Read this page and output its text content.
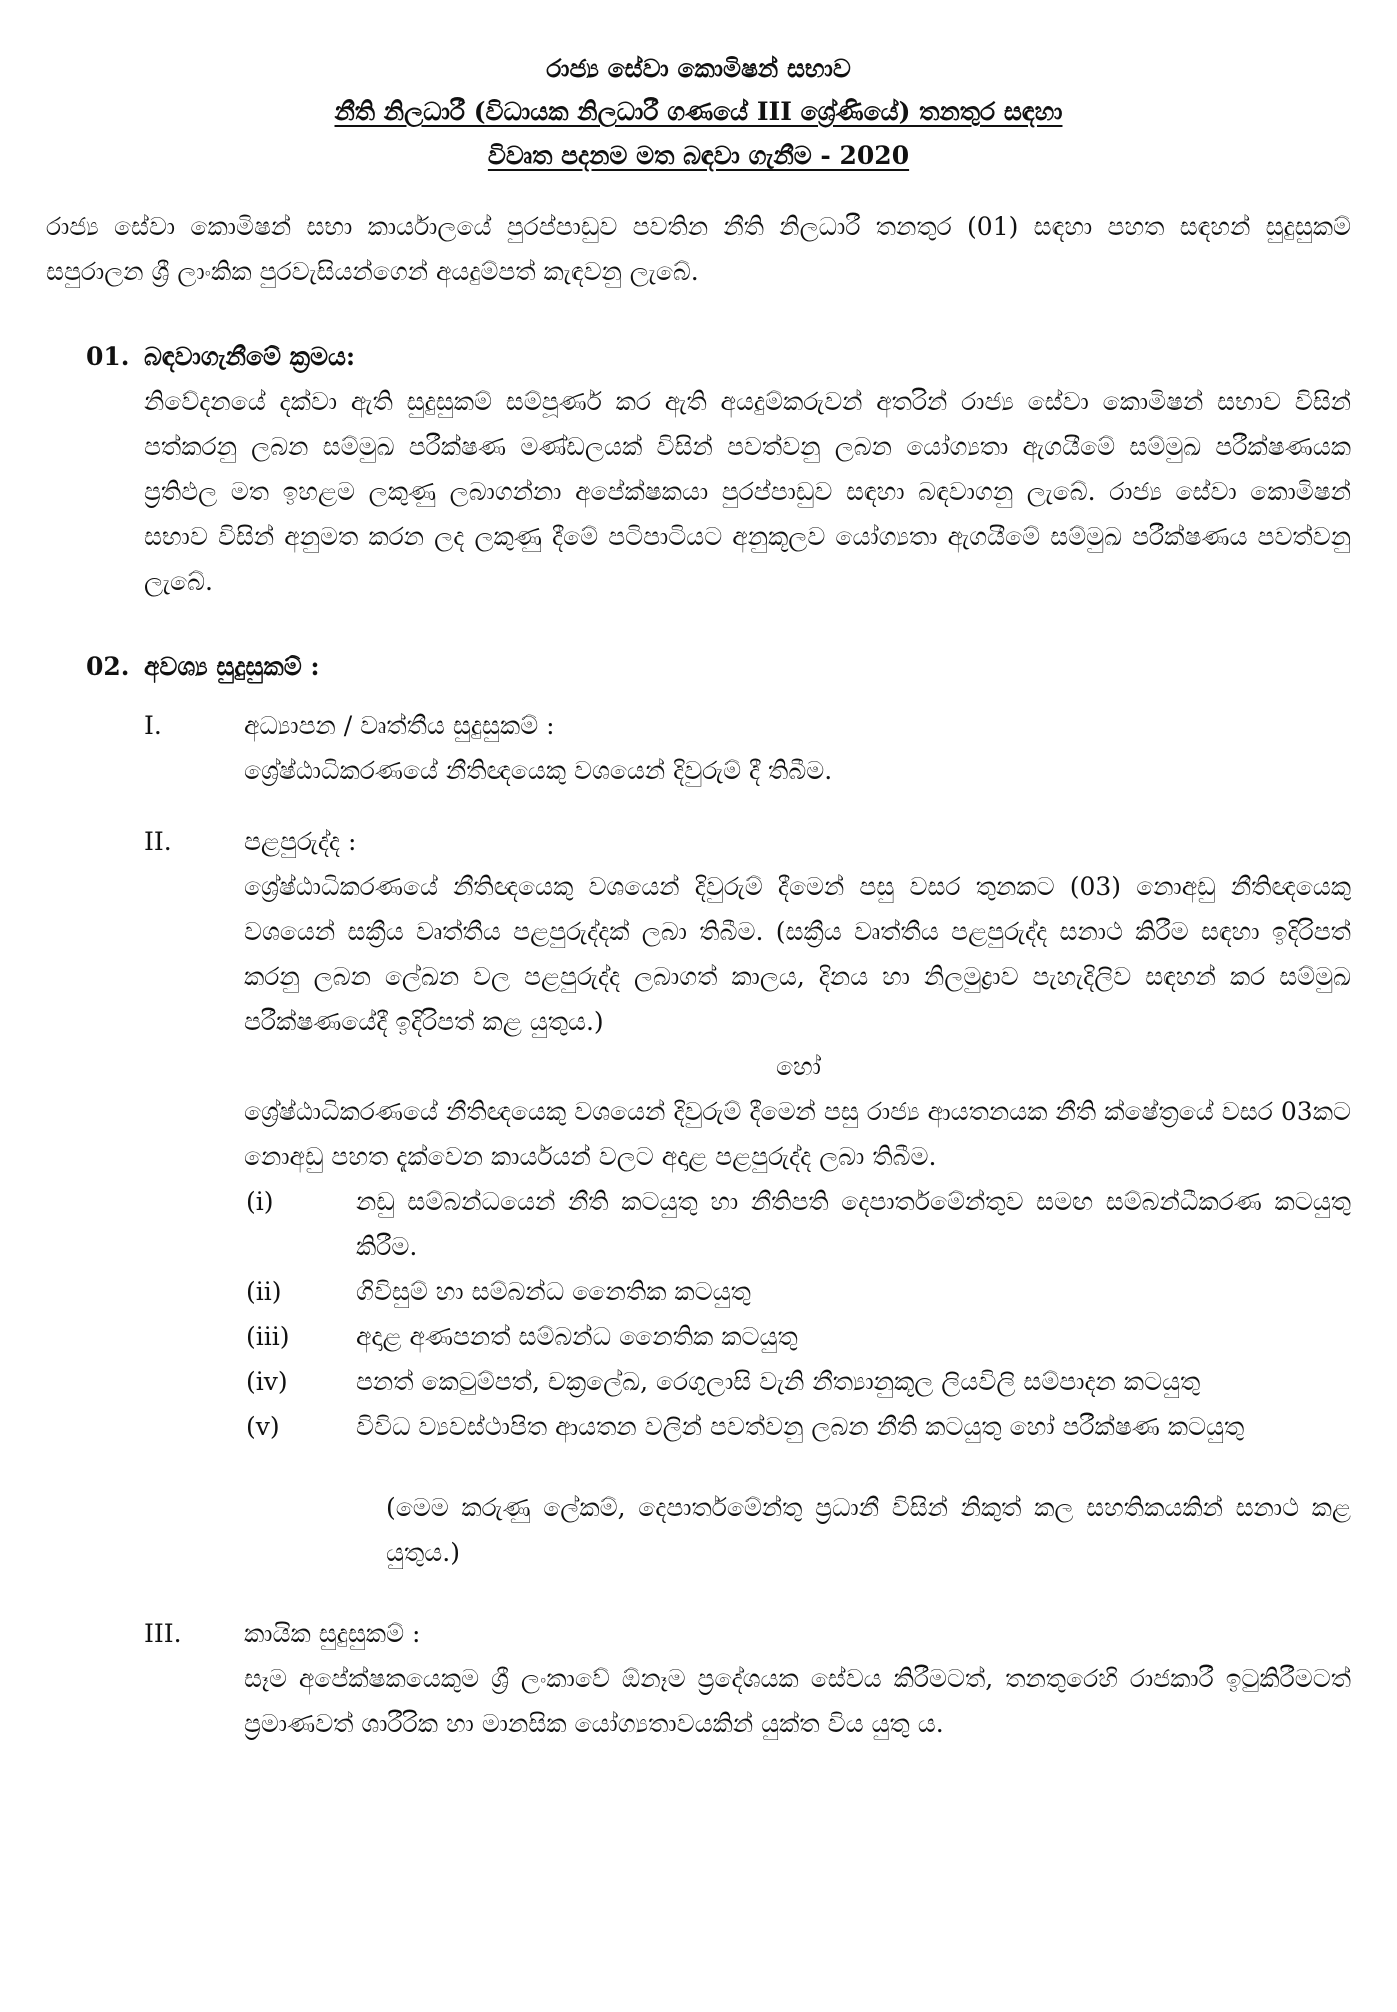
රාජ්‍ය සේවා කොමිෂන් සභාව
නීති නිලධාරී (විධායක නිලධාරී ගණයේ III ශ්‍රේණියේ) තනතුර සඳහා
විවෘත පදනම මත බඳවා ගැනීම - 2020

රාජ්‍ය සේවා කොමිෂන් සභා කාර්යාලයේ පුරප්පාඩුව පවතින නීති නිලධාරී තනතුර (01) සඳහා පහත සඳහන් සුදුසුකම් සපුරාලන ශ්‍රී ලාංකික පුරවැසියන්ගෙන් අයදුම්පත් කැඳවනු ලැබේ.

01. බඳවාගැනීමේ ක්‍රමය:

නිවේදනයේ දක්වා ඇති සුදුසුකම් සම්පූර්ණ කර ඇති අයදුම්කරුවන් අතරින් රාජ්‍ය සේවා කොමිෂන් සභාව විසින් පත්කරනු ලබන සම්මුඛ පරීක්ෂණ මණ්ඩලයක් විසින් පවත්වනු ලබන යෝග්‍යතා ඇගයීමේ සම්මුඛ පරීක්ෂණයක ප්‍රතිඵල මත ඉහළම ලකුණු ලබාගන්නා අපේක්ෂකයා පුරප්පාඩුව සඳහා බඳවාගනු ලැබේ. රාජ්‍ය සේවා කොමිෂන් සභාව විසින් අනුමත කරන ලද ලකුණු දීමේ පටිපාටියට අනුකූලව යෝග්‍යතා ඇගයීමේ සම්මුඛ පරීක්ෂණය පවත්වනු ලැබේ.

02. අවශ්‍ය සුදුසුකම් :
I.	අධ්‍යාපන / වෘත්තීය සුදුසුකම් :

ශ්‍රේෂ්ඨාධිකරණයේ නීතිඥයෙකු වශයෙන් දිවුරුම් දී තිබීම.

II.	පළපුරුද්ද :

ශ්‍රේෂ්ඨාධිකරණයේ නීතිඥයෙකු වශයෙන් දිවුරුම් දීමෙන් පසු වසර තුනකට (03) නොඅඩු නීතිඥයෙකු වශයෙන් සක්‍රීය වෘත්තීය පළපුරුද්දක් ලබා තිබීම. (සක්‍රීය වෘත්තීය පළපුරුද්ද සනාථ කිරීම සඳහා ඉදිරිපත් කරනු ලබන ලේඛන වල පළපුරුද්ද ලබාගත් කාලය, දිනය හා නිලමුද්‍රාව පැහැදිලිව සඳහන් කර සම්මුඛ පරීක්ෂණයේදී ඉදිරිපත් කළ යුතුය.)

හෝ

ශ්‍රේෂ්ඨාධිකරණයේ නීතිඥයෙකු වශයෙන් දිවුරුම් දීමෙන් පසු රාජ්‍ය ආයතනයක නීති ක්ෂේත්‍රයේ වසර 03කට නොඅඩු පහත දැක්වෙන කාර්යයන් වලට අදාළ පළපුරුද්ද ලබා තිබීම.

(i)	නඩු සම්බන්ධයෙන් නීති කටයුතු හා නීතිපති දෙපාර්තමේන්තුව සමඟ සම්බන්ධීකරණ කටයුතු කිරීම.
(ii)	ගිවිසුම් හා සම්බන්ධ නෛතික කටයුතු
(iii)	අදාළ අණපනත් සම්බන්ධ නෛතික කටයුතු
(iv)	පනත් කෙටුම්පත්, චක්‍රලේඛ, රෙගුලාසි වැනි නීත්‍යානුකූල ලියවිලි සම්පාදන කටයුතු
(v)	විවිධ ව්‍යවස්ථාපිත ආයතන වලින් පවත්වනු ලබන නීති කටයුතු හෝ පරීක්ෂණ කටයුතු

(මෙම කරුණු ලේකම්, දෙපාර්තමේන්තු ප්‍රධානී විසින් නිකුත් කල සහතිකයකින් සනාථ කළ යුතුය.)

III.	කායික සුදුසුකම් :

සෑම අපේක්ෂකයෙකුම ශ්‍රී ලංකාවේ ඕනෑම ප්‍රදේශයක සේවය කිරීමටත්, තනතුරෙහි රාජකාරී ඉටුකිරීමටත් ප්‍රමාණවත් ශාරීරික හා මානසික යෝග්‍යතාවයකින් යුක්ත විය යුතු ය.
